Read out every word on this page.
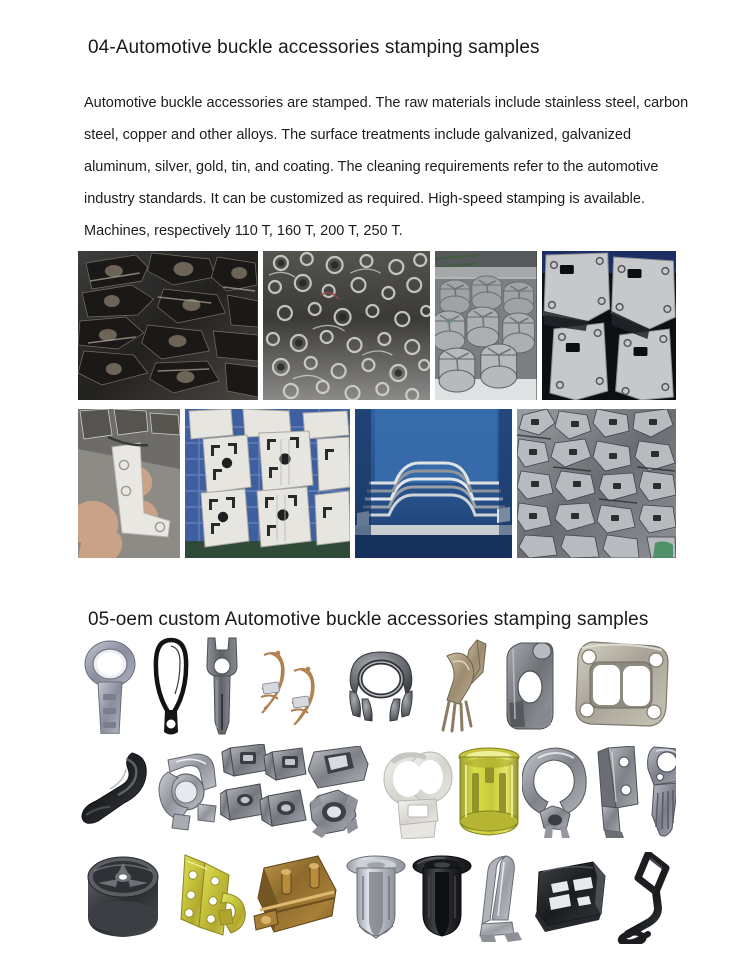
04-Automotive buckle accessories stamping samples

Automotive buckle accessories are stamped. The raw materials include stainless steel, carbon steel, copper and other alloys. The surface treatments include galvanized, galvanized aluminum, silver, gold, tin, and coating. The cleaning requirements refer to the automotive industry standards. It can be customized as required. High-speed stamping is available. Machines, respectively 110 T, 160 T, 200 T, 250 T.

05-oem custom Automotive buckle accessories stamping samples
